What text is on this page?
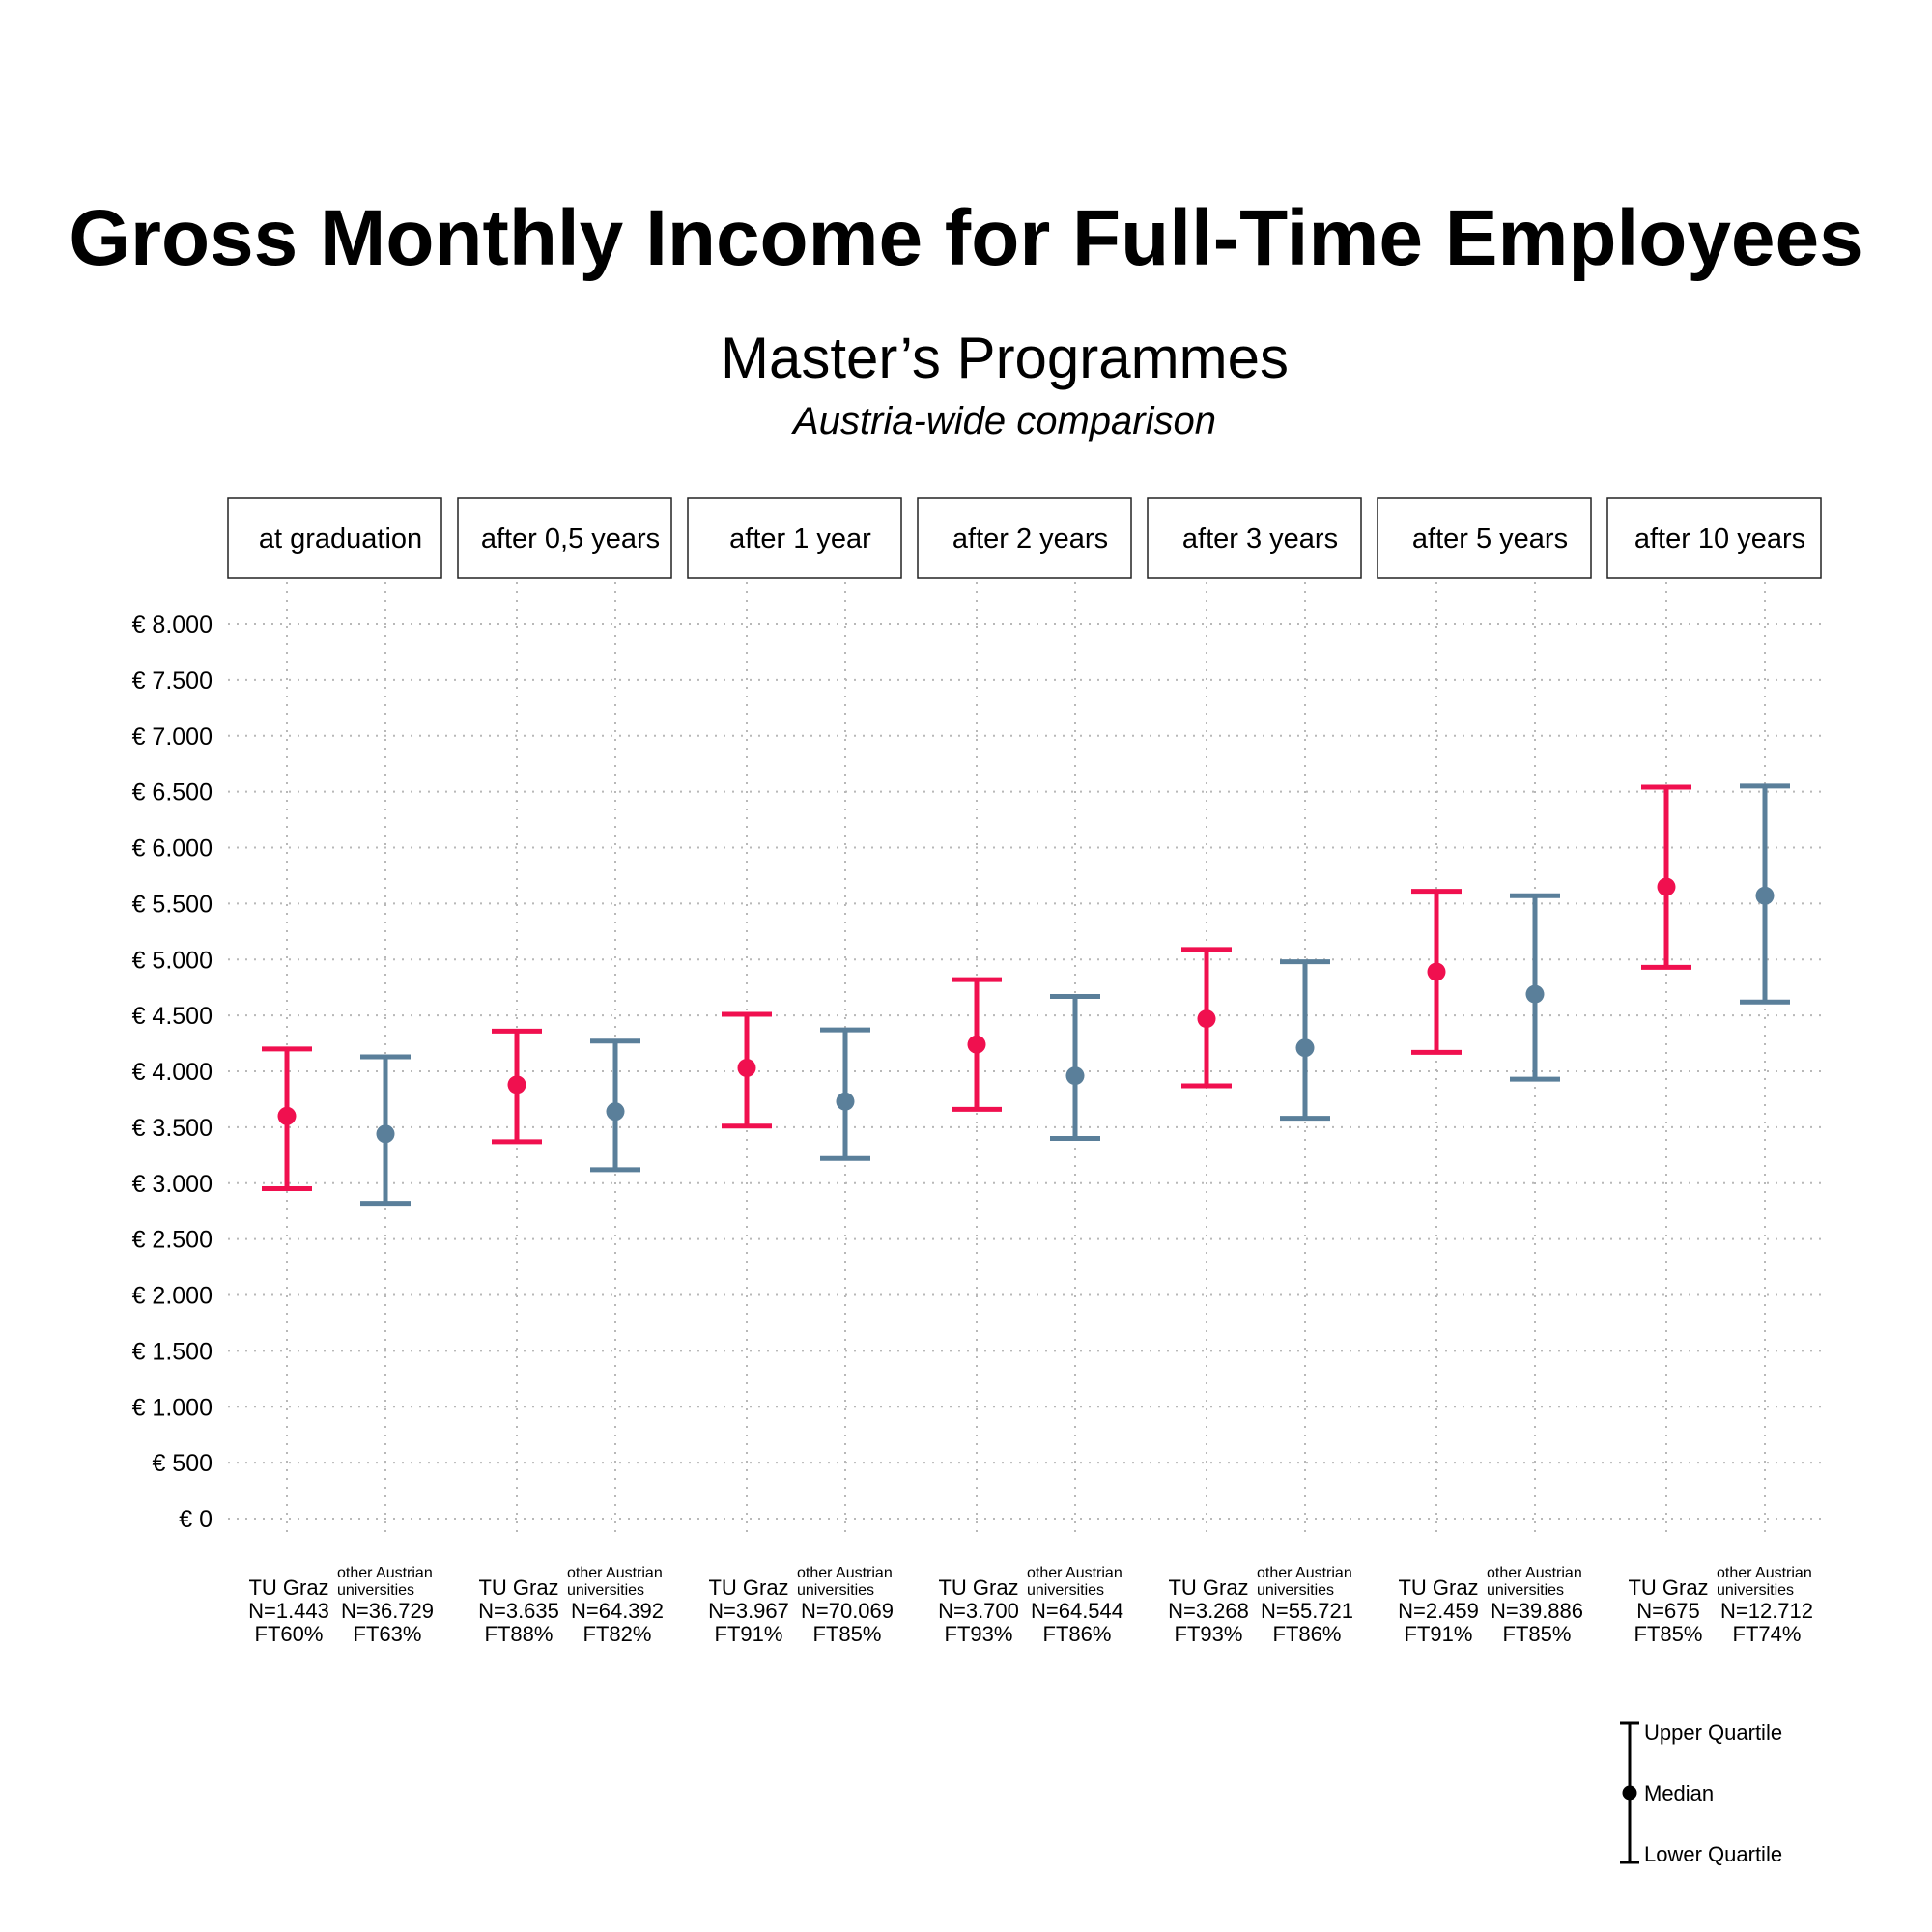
Gross Monthly Income for Full-Time Employees
Master’s Programmes
Austria-wide comparison
€ 0
€ 500
€ 1.000
€ 1.500
€ 2.000
€ 2.500
€ 3.000
€ 3.500
€ 4.000
€ 4.500
€ 5.000
€ 5.500
€ 6.000
€ 6.500
€ 7.000
€ 7.500
€ 8.000
at graduation
TU Graz
N=1.443
FT60%
other Austrian
universities
N=36.729
FT63%
after 0,5 years
TU Graz
N=3.635
FT88%
other Austrian
universities
N=64.392
FT82%
after 1 year
TU Graz
N=3.967
FT91%
other Austrian
universities
N=70.069
FT85%
after 2 years
TU Graz
N=3.700
FT93%
other Austrian
universities
N=64.544
FT86%
after 3 years
TU Graz
N=3.268
FT93%
other Austrian
universities
N=55.721
FT86%
after 5 years
TU Graz
N=2.459
FT91%
other Austrian
universities
N=39.886
FT85%
after 10 years
TU Graz
N=675
FT85%
other Austrian
universities
N=12.712
FT74%
Upper Quartile
Median
Lower Quartile
